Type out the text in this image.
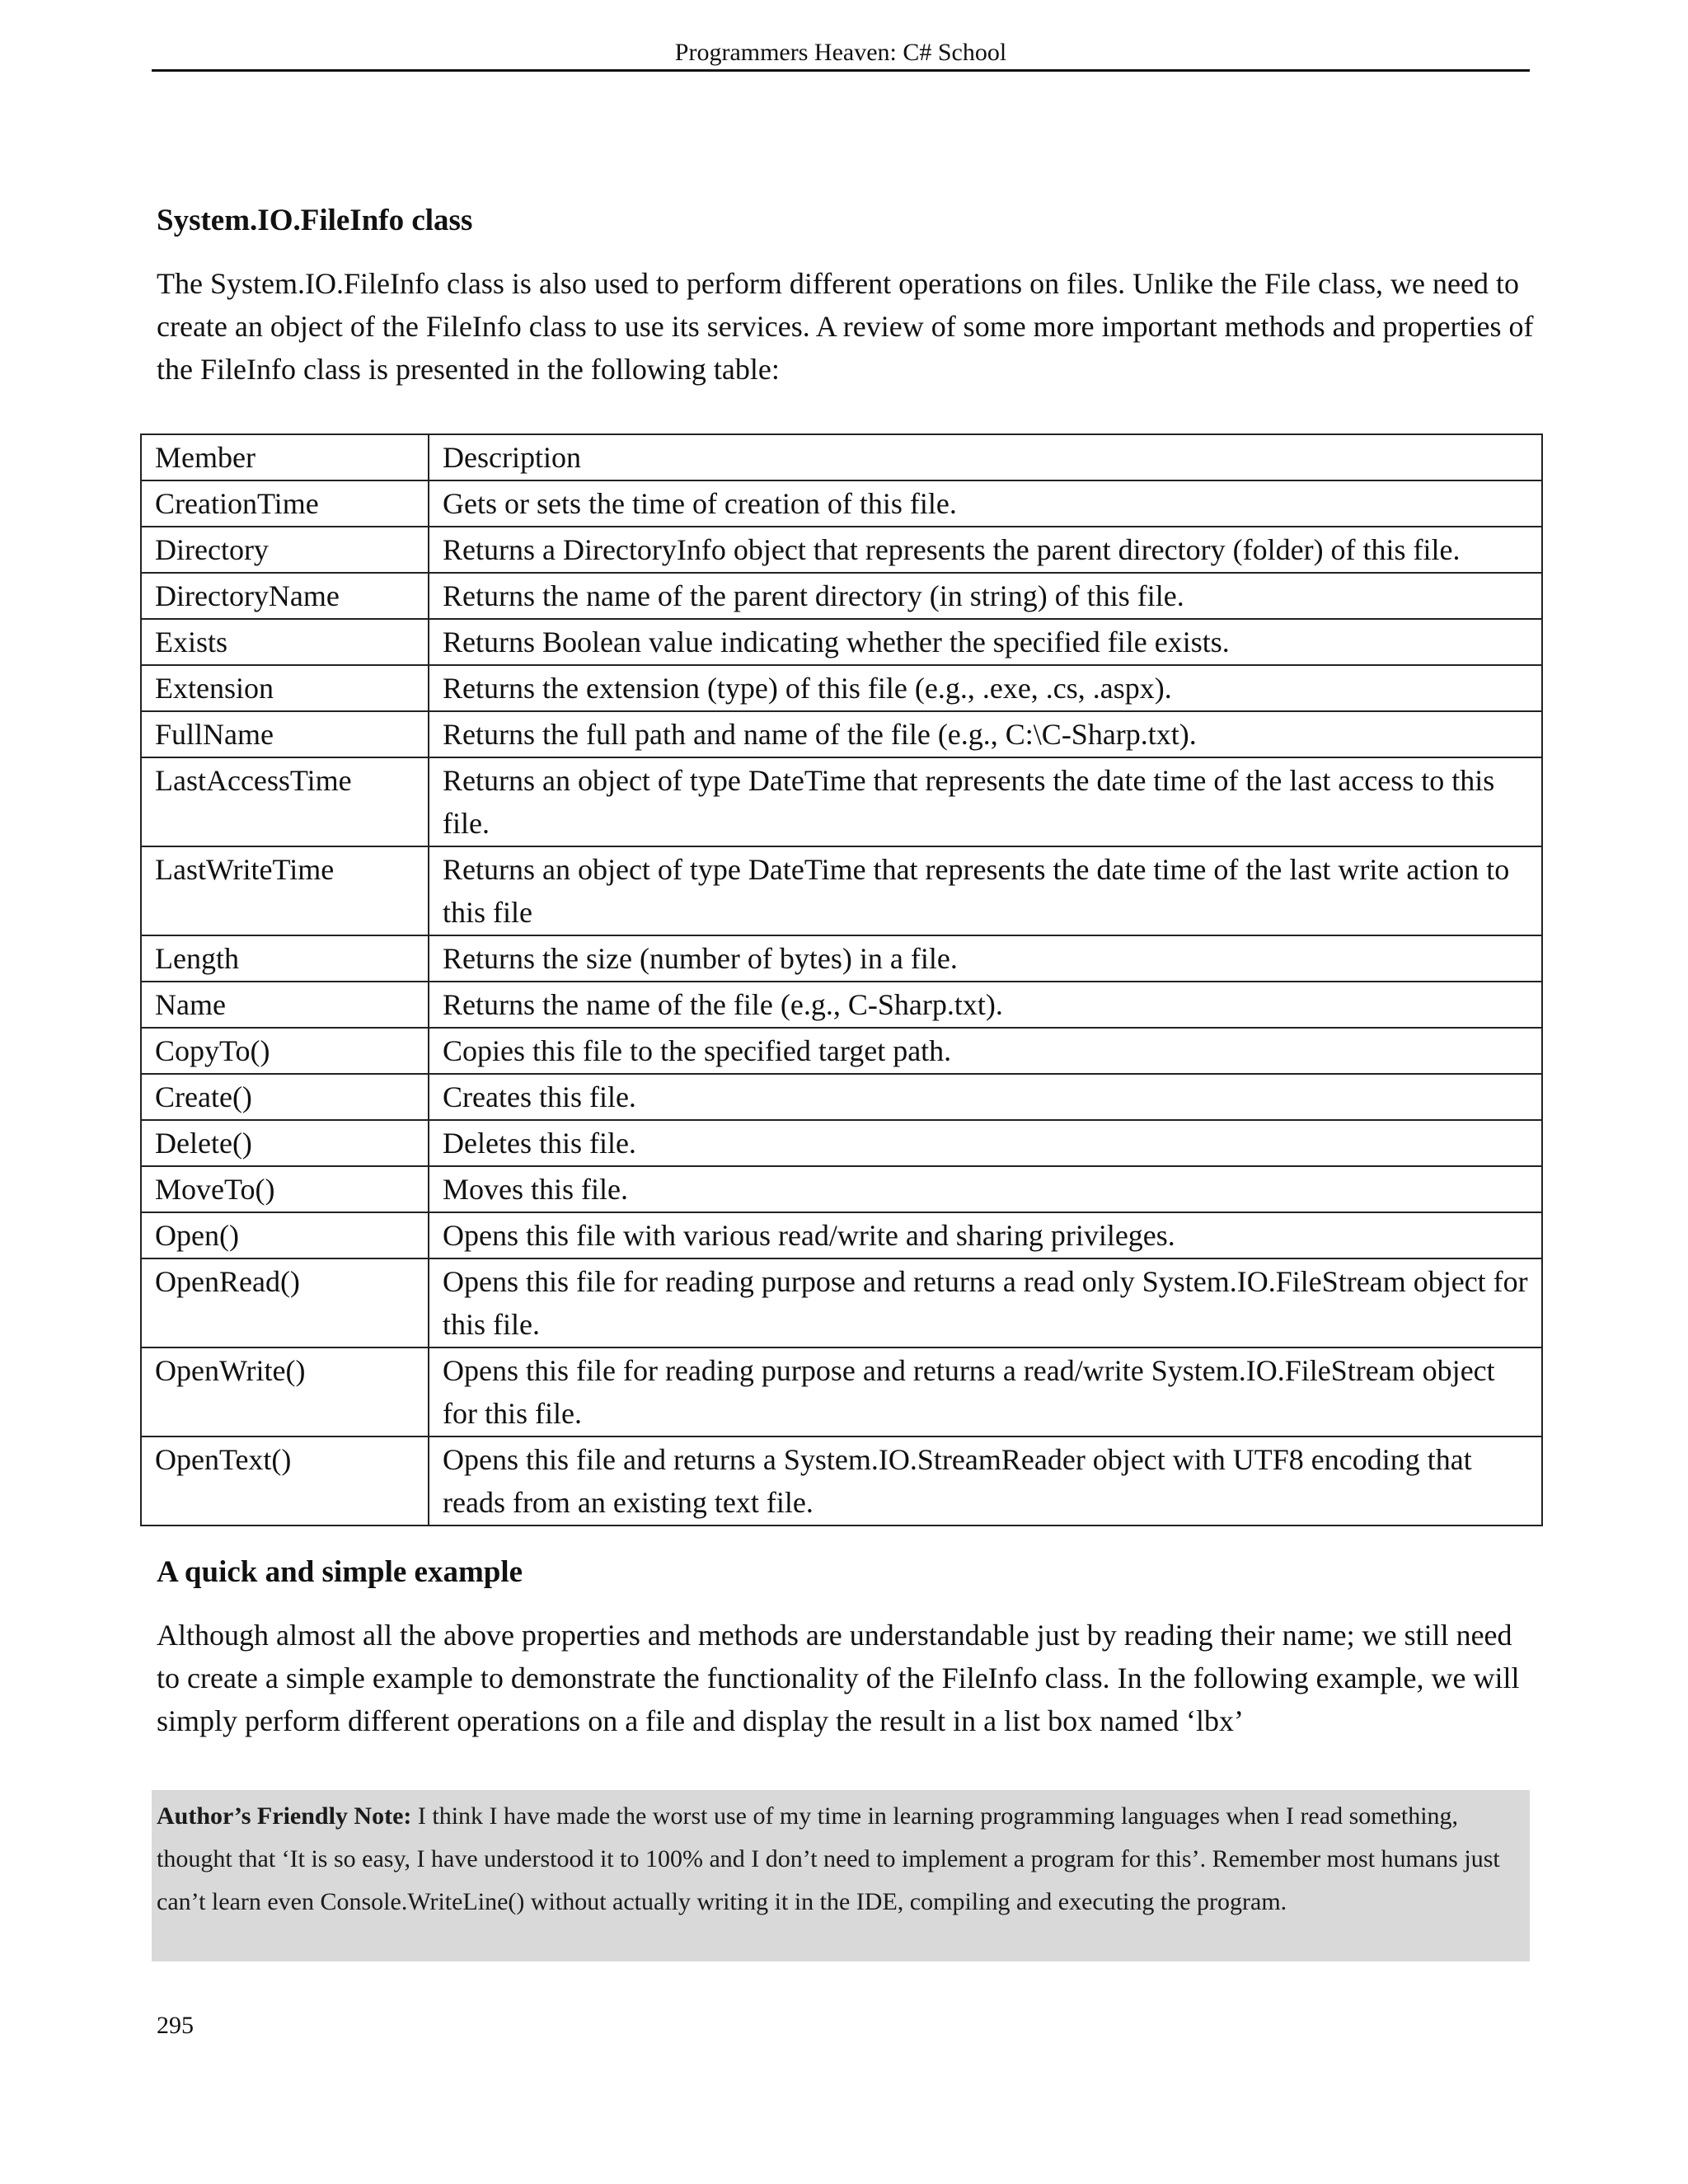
Programmers Heaven: C# School
System.IO.FileInfo class

The System.IO.FileInfo class is also used to perform different operations on files. Unlike the File class, we need to create an object of the FileInfo class to use its services. A review of some more important methods and properties of the FileInfo class is presented in the following table:

Member	Description
CreationTime	Gets or sets the time of creation of this file.
Directory	Returns a DirectoryInfo object that represents the parent directory (folder) of this file.
DirectoryName	Returns the name of the parent directory (in string) of this file.
Exists	Returns Boolean value indicating whether the specified file exists.
Extension	Returns the extension (type) of this file (e.g., .exe, .cs, .aspx).
FullName	Returns the full path and name of the file (e.g., C:\C-Sharp.txt).
LastAccessTime	Returns an object of type DateTime that represents the date time of the last access to this file.
LastWriteTime	Returns an object of type DateTime that represents the date time of the last write action to this file
Length	Returns the size (number of bytes) in a file.
Name	Returns the name of the file (e.g., C-Sharp.txt).
CopyTo()	Copies this file to the specified target path.
Create()	Creates this file.
Delete()	Deletes this file.
MoveTo()	Moves this file.
Open()	Opens this file with various read/write and sharing privileges.
OpenRead()	Opens this file for reading purpose and returns a read only System.IO.FileStream object for this file.
OpenWrite()	Opens this file for reading purpose and returns a read/write System.IO.FileStream object for this file.
OpenText()	Opens this file and returns a System.IO.StreamReader object with UTF8 encoding that reads from an existing text file.
A quick and simple example

Although almost all the above properties and methods are understandable just by reading their name; we still need to create a simple example to demonstrate the functionality of the FileInfo class. In the following example, we will simply perform different operations on a file and display the result in a list box named ‘lbx’

Author’s Friendly Note: I think I have made the worst use of my time in learning programming languages when I read something, thought that ‘It is so easy, I have understood it to 100% and I don’t need to implement a program for this’. Remember most humans just can’t learn even Console.WriteLine() without actually writing it in the IDE, compiling and executing the program.

295
